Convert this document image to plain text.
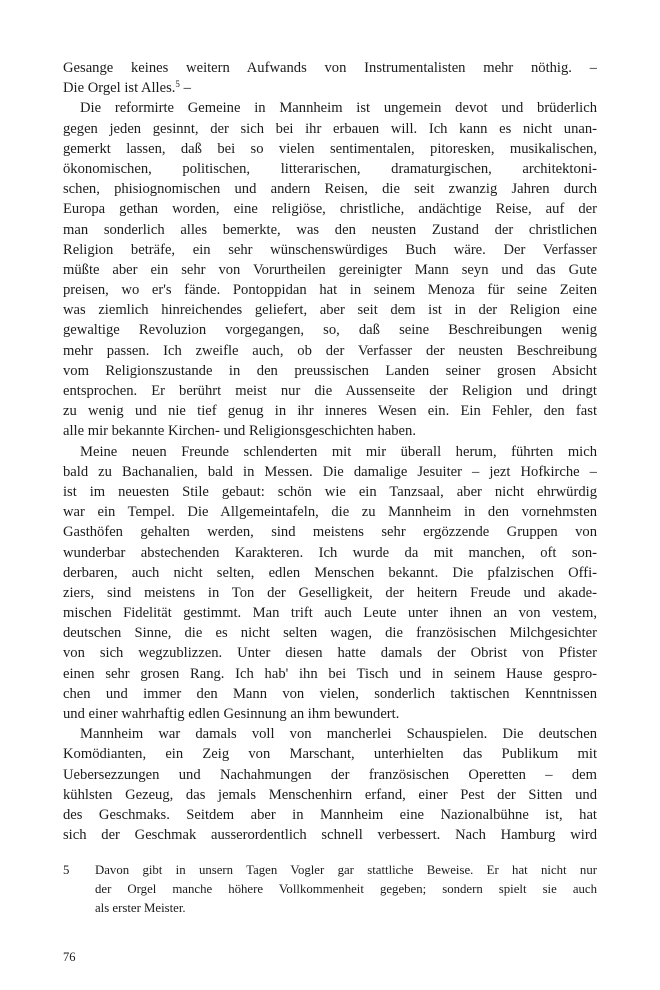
Gesange keines weitern Aufwands von Instrumentalisten mehr nöthig. –
Die Orgel ist Alles.$^5$ –
Die reformirte Gemeine in Mannheim ist ungemein devot und brüderlich
gegen jeden gesinnt, der sich bei ihr erbauen will. Ich kann es nicht unan-
gemerkt lassen, daß bei so vielen sentimentalen, pitoresken, musikalischen,
ökonomischen, politischen, litterarischen, dramaturgischen, architektoni-
schen, phisiognomischen und andern Reisen, die seit zwanzig Jahren durch
Europa gethan worden, eine religiöse, christliche, andächtige Reise, auf der
man sonderlich alles bemerkte, was den neusten Zustand der christlichen
Religion beträfe, ein sehr wünschenswürdiges Buch wäre. Der Verfasser
müßte aber ein sehr von Vorurtheilen gereinigter Mann seyn und das Gute
preisen, wo er's fände. Pontoppidan hat in seinem Menoza für seine Zeiten
was ziemlich hinreichendes geliefert, aber seit dem ist in der Religion eine
gewaltige Revoluzion vorgegangen, so, daß seine Beschreibungen wenig
mehr passen. Ich zweifle auch, ob der Verfasser der neusten Beschreibung
vom Religionszustande in den preussischen Landen seiner grosen Absicht
entsprochen. Er berührt meist nur die Aussenseite der Religion und dringt
zu wenig und nie tief genug in ihr inneres Wesen ein. Ein Fehler, den fast
alle mir bekannte Kirchen- und Religionsgeschichten haben.
Meine neuen Freunde schlenderten mit mir überall herum, führten mich
bald zu Bachanalien, bald in Messen. Die damalige Jesuiter – jezt Hofkirche –
ist im neuesten Stile gebaut: schön wie ein Tanzsaal, aber nicht ehrwürdig
war ein Tempel. Die Allgemeintafeln, die zu Mannheim in den vornehmsten
Gasthöfen gehalten werden, sind meistens sehr ergözzende Gruppen von
wunderbar abstechenden Karakteren. Ich wurde da mit manchen, oft son-
derbaren, auch nicht selten, edlen Menschen bekannt. Die pfalzischen Offi-
ziers, sind meistens in Ton der Geselligkeit, der heitern Freude und akade-
mischen Fidelität gestimmt. Man trift auch Leute unter ihnen an von vestem,
deutschen Sinne, die es nicht selten wagen, die französischen Milchgesichter
von sich wegzublizzen. Unter diesen hatte damals der Obrist von Pfister
einen sehr grosen Rang. Ich hab' ihn bei Tisch und in seinem Hause gespro-
chen und immer den Mann von vielen, sonderlich taktischen Kenntnissen
und einer wahrhaftig edlen Gesinnung an ihm bewundert.
Mannheim war damals voll von mancherlei Schauspielen. Die deutschen
Komödianten, ein Zeig von Marschant, unterhielten das Publikum mit
Uebersezzungen und Nachahmungen der französischen Operetten – dem
kühlsten Gezeug, das jemals Menschenhirn erfand, einer Pest der Sitten und
des Geschmaks. Seitdem aber in Mannheim eine Nazionalbühne ist, hat
sich der Geschmak ausserordentlich schnell verbessert. Nach Hamburg wird
5	Davon gibt in unsern Tagen Vogler gar stattliche Beweise. Er hat nicht nur
der Orgel manche höhere Vollkommenheit gegeben; sondern spielt sie auch
als erster Meister.
76
